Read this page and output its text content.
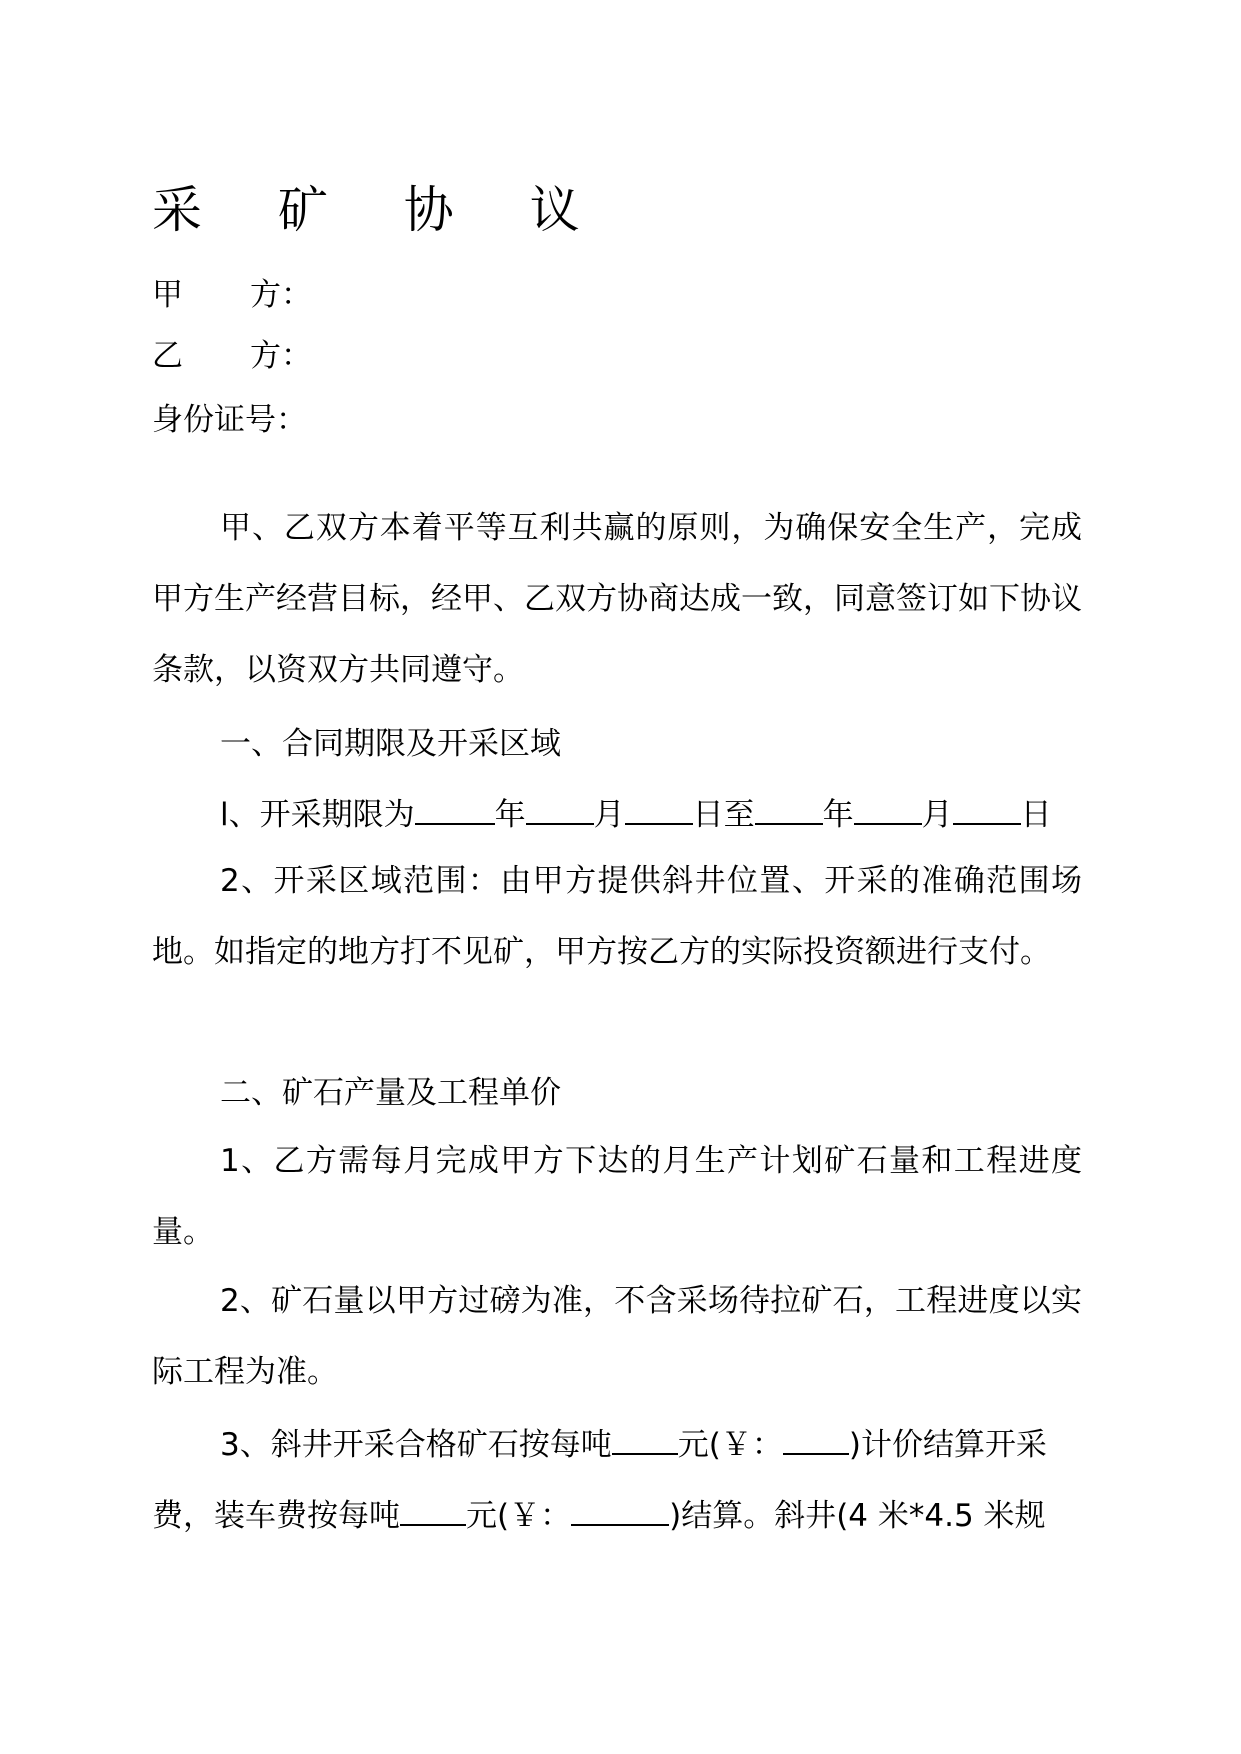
采 矿 协 议
甲 方：
乙 方：
身份证号：
甲、乙双方本着平等互利共赢的原则，为确保安全生产，完成甲方生产经营目标，经甲、乙双方协商达成一致，同意签订如下协议条款，以资双方共同遵守。
一、合同期限及开采区域
l、开采期限为	年 月 日至 年 月 日
2、开采区域范围：由甲方提供斜井位置、开采的准确范围场地。如指定的地方打不见矿，甲方按乙方的实际投资额进行支付。
二、矿石产量及工程单价
1、乙方需每月完成甲方下达的月生产计划矿石量和工程进度量。
2、矿石量以甲方过磅为准，不含采场待拉矿石，工程进度以实际工程为准。
3、斜井开采合格矿石按每吨 元(￥： )计价结算开采
费，装车费按每吨 元(￥：	)结算。斜井(4 米*4.5 米规
